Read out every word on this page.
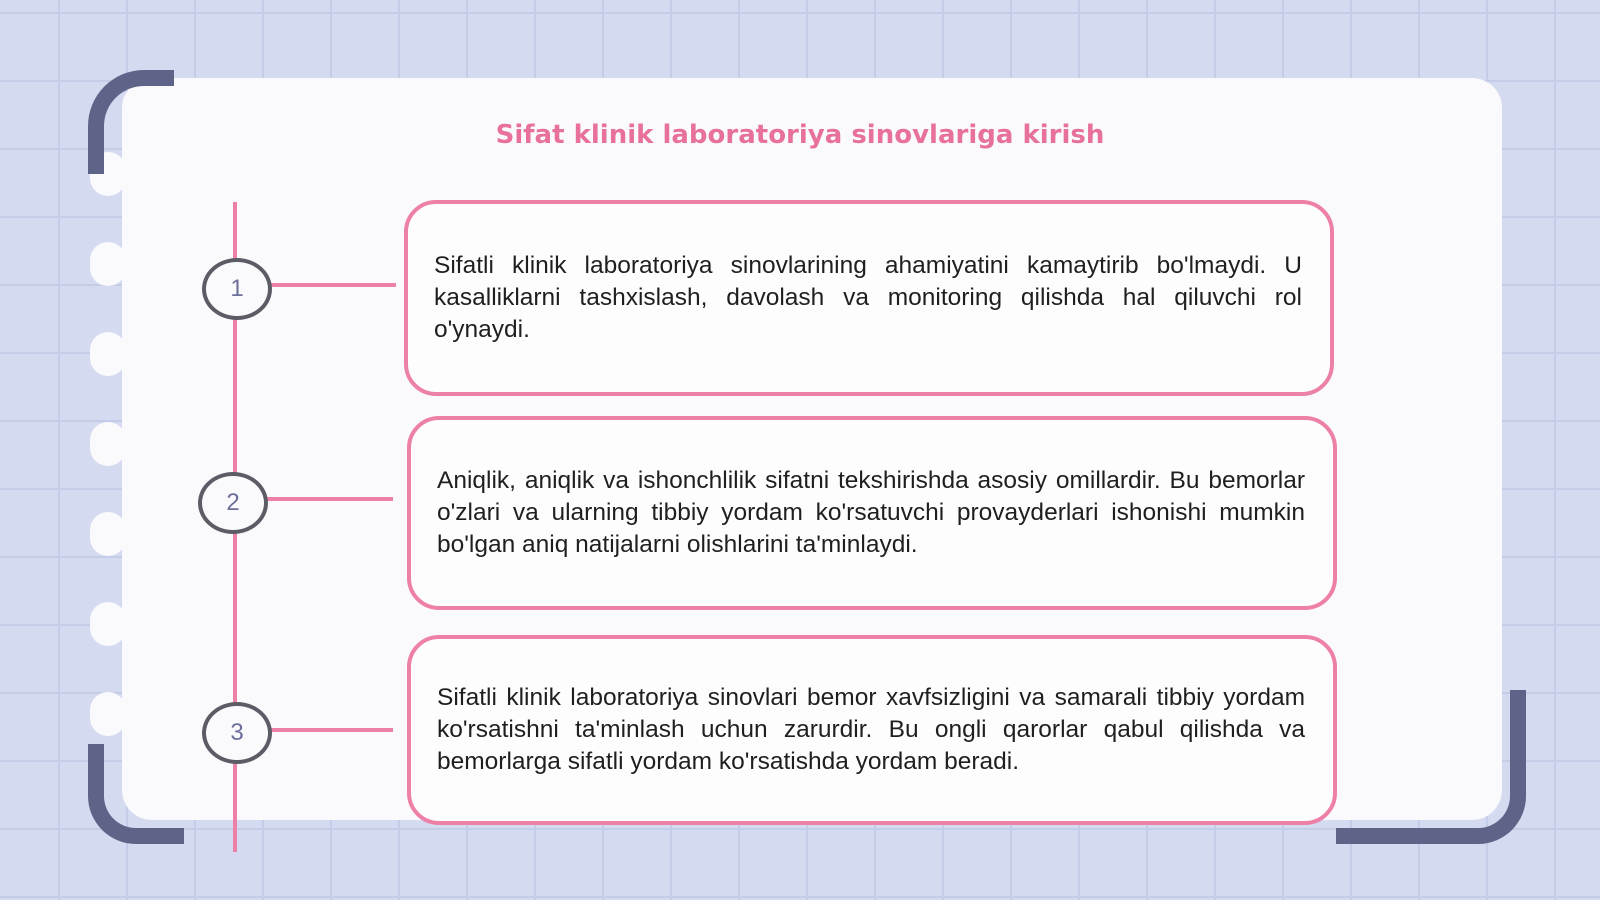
Sifat klinik laboratoriya sinovlariga kirish
1
2
3

Sifatli klinik laboratoriya sinovlarining ahamiyatini kamaytirib bo'lmaydi. U kasalliklarni tashxislash, davolash va monitoring qilishda hal qiluvchi rol o'ynaydi.

Aniqlik, aniqlik va ishonchlilik sifatni tekshirishda asosiy omillardir. Bu bemorlar o'zlari va ularning tibbiy yordam ko'rsatuvchi provayderlari ishonishi mumkin bo'lgan aniq natijalarni olishlarini ta'minlaydi.

Sifatli klinik laboratoriya sinovlari bemor xavfsizligini va samarali tibbiy yordam ko'rsatishni ta'minlash uchun zarurdir. Bu ongli qarorlar qabul qilishda va bemorlarga sifatli yordam ko'rsatishda yordam beradi.
